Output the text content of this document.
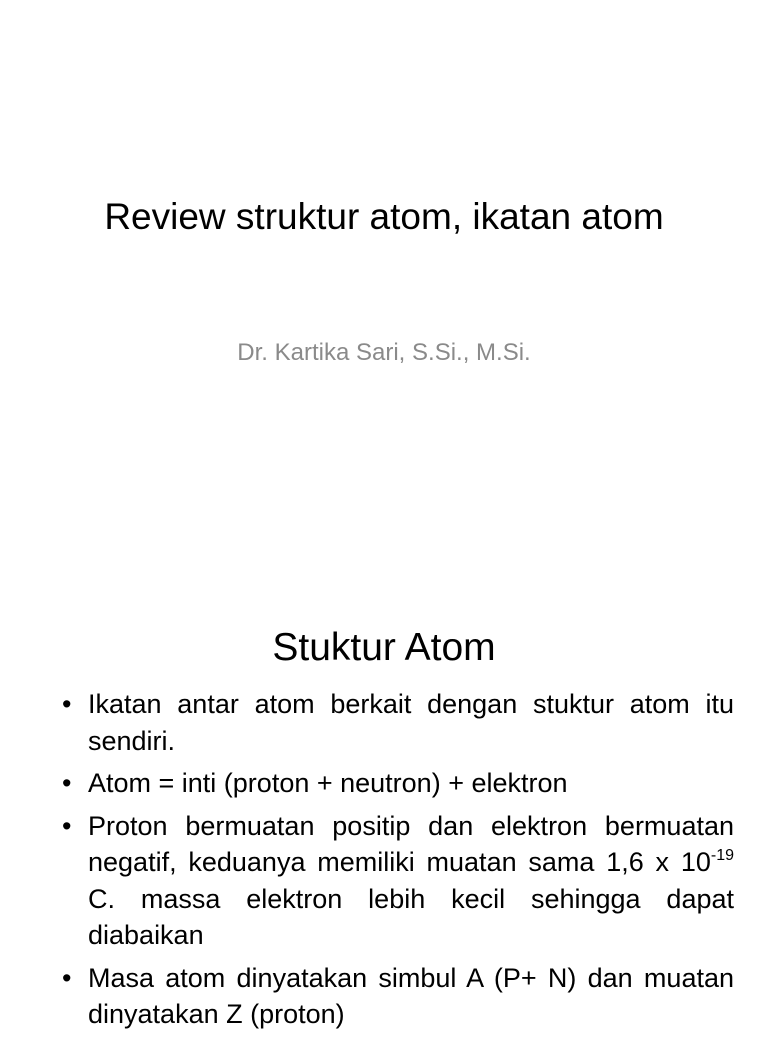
Review struktur atom, ikatan atom

Dr. Kartika Sari, S.Si., M.Si.

Stuktur Atom
• Ikatan antar atom berkait dengan stuktur atom itu sendiri.
• Atom = inti (proton + neutron) + elektron
• Proton bermuatan positip dan elektron bermuatan negatif, keduanya memiliki muatan sama 1,6 x $10^{-19}$ C. massa elektron lebih kecil sehingga dapat diabaikan
• Masa atom dinyatakan simbul A (P+ N) dan muatan dinyatakan Z (proton)
